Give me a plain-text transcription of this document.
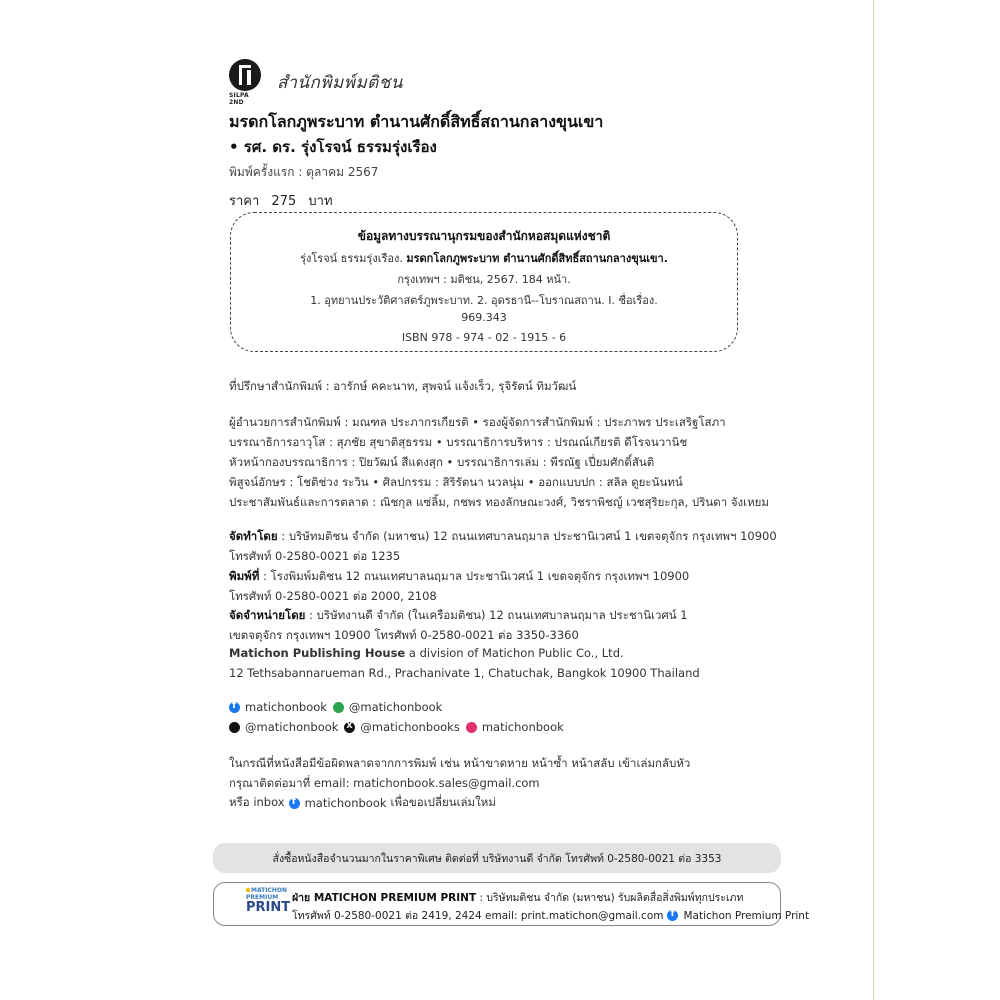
SILPA 2ND
สำนักพิมพ์มติชน
มรดกโลกภูพระบาท ตำนานศักดิ์สิทธิ์สถานกลางขุนเขา
• รศ. ดร. รุ่งโรจน์ ธรรมรุ่งเรือง
พิมพ์ครั้งแรก : ตุลาคม 2567
ราคา 275 บาท
ข้อมูลทางบรรณานุกรมของสำนักหอสมุดแห่งชาติ
รุ่งโรจน์ ธรรมรุ่งเรือง. มรดกโลกภูพระบาท ตำนานศักดิ์สิทธิ์สถานกลางขุนเขา.
กรุงเทพฯ : มติชน, 2567. 184 หน้า.
1. อุทยานประวัติศาสตร์ภูพระบาท. 2. อุดรธานี--โบราณสถาน. I. ชื่อเรื่อง.
969.343
ISBN 978 - 974 - 02 - 1915 - 6
ที่ปรึกษาสำนักพิมพ์ : อารักษ์ คคะนาท, สุพจน์ แจ้งเร็ว, รุจิรัตน์ ทิมวัฒน์
ผู้อำนวยการสำนักพิมพ์ : มณฑล ประภากรเกียรติ • รองผู้จัดการสำนักพิมพ์ : ประภาพร ประเสริฐโสภา
บรรณาธิการอาวุโส : สุภชัย สุขาติสุธรรม • บรรณาธิการบริหาร : ปรณณ์เกียรติ ดีโรจนวานิช
หัวหน้ากองบรรณาธิการ : ปิยวัฒน์ สีแดงสุก • บรรณาธิการเล่ม : พีรณัฐ เปี่ยมศักดิ์สันติ
พิสูจน์อักษร : โชติช่วง ระวิน • ศิลปกรรม : สิริรัตนา นวลนุ่ม • ออกแบบปก : สลิล ดูยะนันทน์
ประชาสัมพันธ์และการตลาด : ณิชกุล แซ่ลิ้ม, กชพร ทองลักษณะวงศ์, วิชราพิชญ์ เวชสุริยะกุล, ปรินดา จังเหยม
จัดทำโดย : บริษัทมติชน จำกัด (มหาชน) 12 ถนนเทศบาลนฤมาล ประชานิเวศน์ 1 เขตจตุจักร กรุงเทพฯ 10900
โทรศัพท์ 0-2580-0021 ต่อ 1235
พิมพ์ที่ : โรงพิมพ์มติชน 12 ถนนเทศบาลนฤมาล ประชานิเวศน์ 1 เขตจตุจักร กรุงเทพฯ 10900
โทรศัพท์ 0-2580-0021 ต่อ 2000, 2108
จัดจำหน่ายโดย : บริษัทงานดี จำกัด (ในเครือมติชน) 12 ถนนเทศบาลนฤมาล ประชานิเวศน์ 1
เขตจตุจักร กรุงเทพฯ 10900 โทรศัพท์ 0-2580-0021 ต่อ 3350-3360
Matichon Publishing House a division of Matichon Public Co., Ltd.
12 Tethsabannarueman Rd., Prachanivate 1, Chatuchak, Bangkok 10900 Thailand
f
matichonbook @matichonbook
@matichonbook X @matichonbooks matichonbook
ในกรณีที่หนังสือมีข้อผิดพลาดจากการพิมพ์ เช่น หน้าขาดหาย หน้าซ้ำ หน้าสลับ เข้าเล่มกลับหัว
กรุณาติดต่อมาที่ email: matichonbook.sales@gmail.com
หรือ inbox f matichonbook เพื่อขอเปลี่ยนเล่มใหม่
สั่งซื้อหนังสือจำนวนมากในราคาพิเศษ ติดต่อที่ บริษัทงานดี จำกัด โทรศัพท์ 0-2580-0021 ต่อ 3353
MATICHON
PREMIUM
PRINT
ฝ่าย MATICHON PREMIUM PRINT : บริษัทมติชน จำกัด (มหาชน) รับผลิตสื่อสิ่งพิมพ์ทุกประเภท
โทรศัพท์ 0-2580-0021 ต่อ 2419, 2424 email: print.matichon@gmail.com f Matichon Premium Print
